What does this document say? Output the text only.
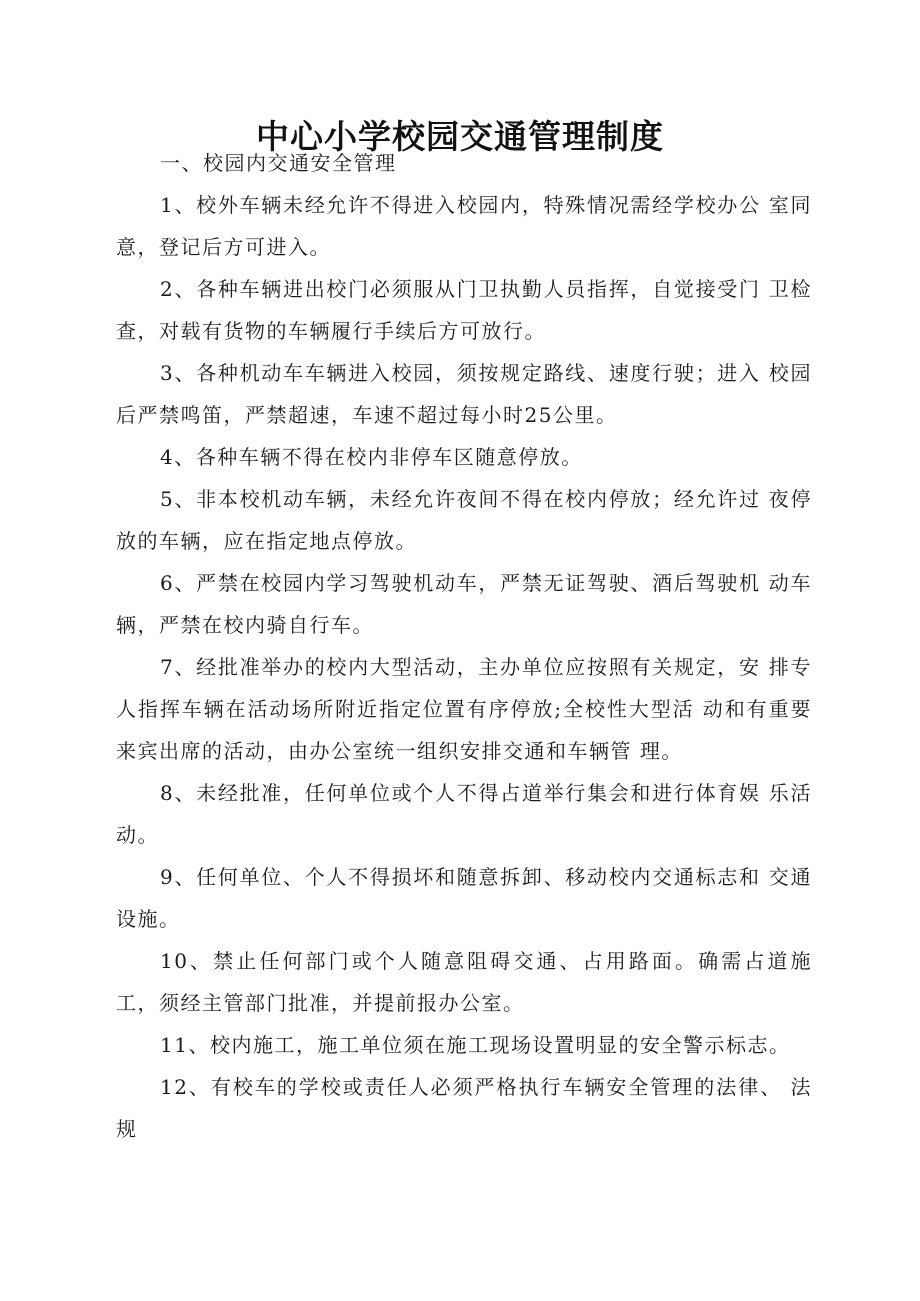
中心小学校园交通管理制度

一、校园内交通安全管理

1、校外车辆未经允许不得进入校园内，特殊情况需经学校办公 室同意，登记后方可进入。

2、各种车辆进出校门必须服从门卫执勤人员指挥，自觉接受门 卫检查，对载有货物的车辆履行手续后方可放行。

3、各种机动车车辆进入校园，须按规定路线、速度行驶；进入 校园后严禁鸣笛，严禁超速，车速不超过每小时25公里。

4、各种车辆不得在校内非停车区随意停放。

5、非本校机动车辆，未经允许夜间不得在校内停放；经允许过 夜停放的车辆，应在指定地点停放。

6、严禁在校园内学习驾驶机动车，严禁无证驾驶、酒后驾驶机 动车辆，严禁在校内骑自行车。

7、经批准举办的校内大型活动，主办单位应按照有关规定，安 排专人指挥车辆在活动场所附近指定位置有序停放;全校性大型活 动和有重要来宾出席的活动，由办公室统一组织安排交通和车辆管 理。

8、未经批准，任何单位或个人不得占道举行集会和进行体育娱 乐活动。

9、任何单位、个人不得损坏和随意拆卸、移动校内交通标志和 交通设施。

10、禁止任何部门或个人随意阻碍交通、占用路面。确需占道施 工，须经主管部门批准，并提前报办公室。

11、校内施工，施工单位须在施工现场设置明显的安全警示标志。

12、有校车的学校或责任人必须严格执行车辆安全管理的法律、 法规
